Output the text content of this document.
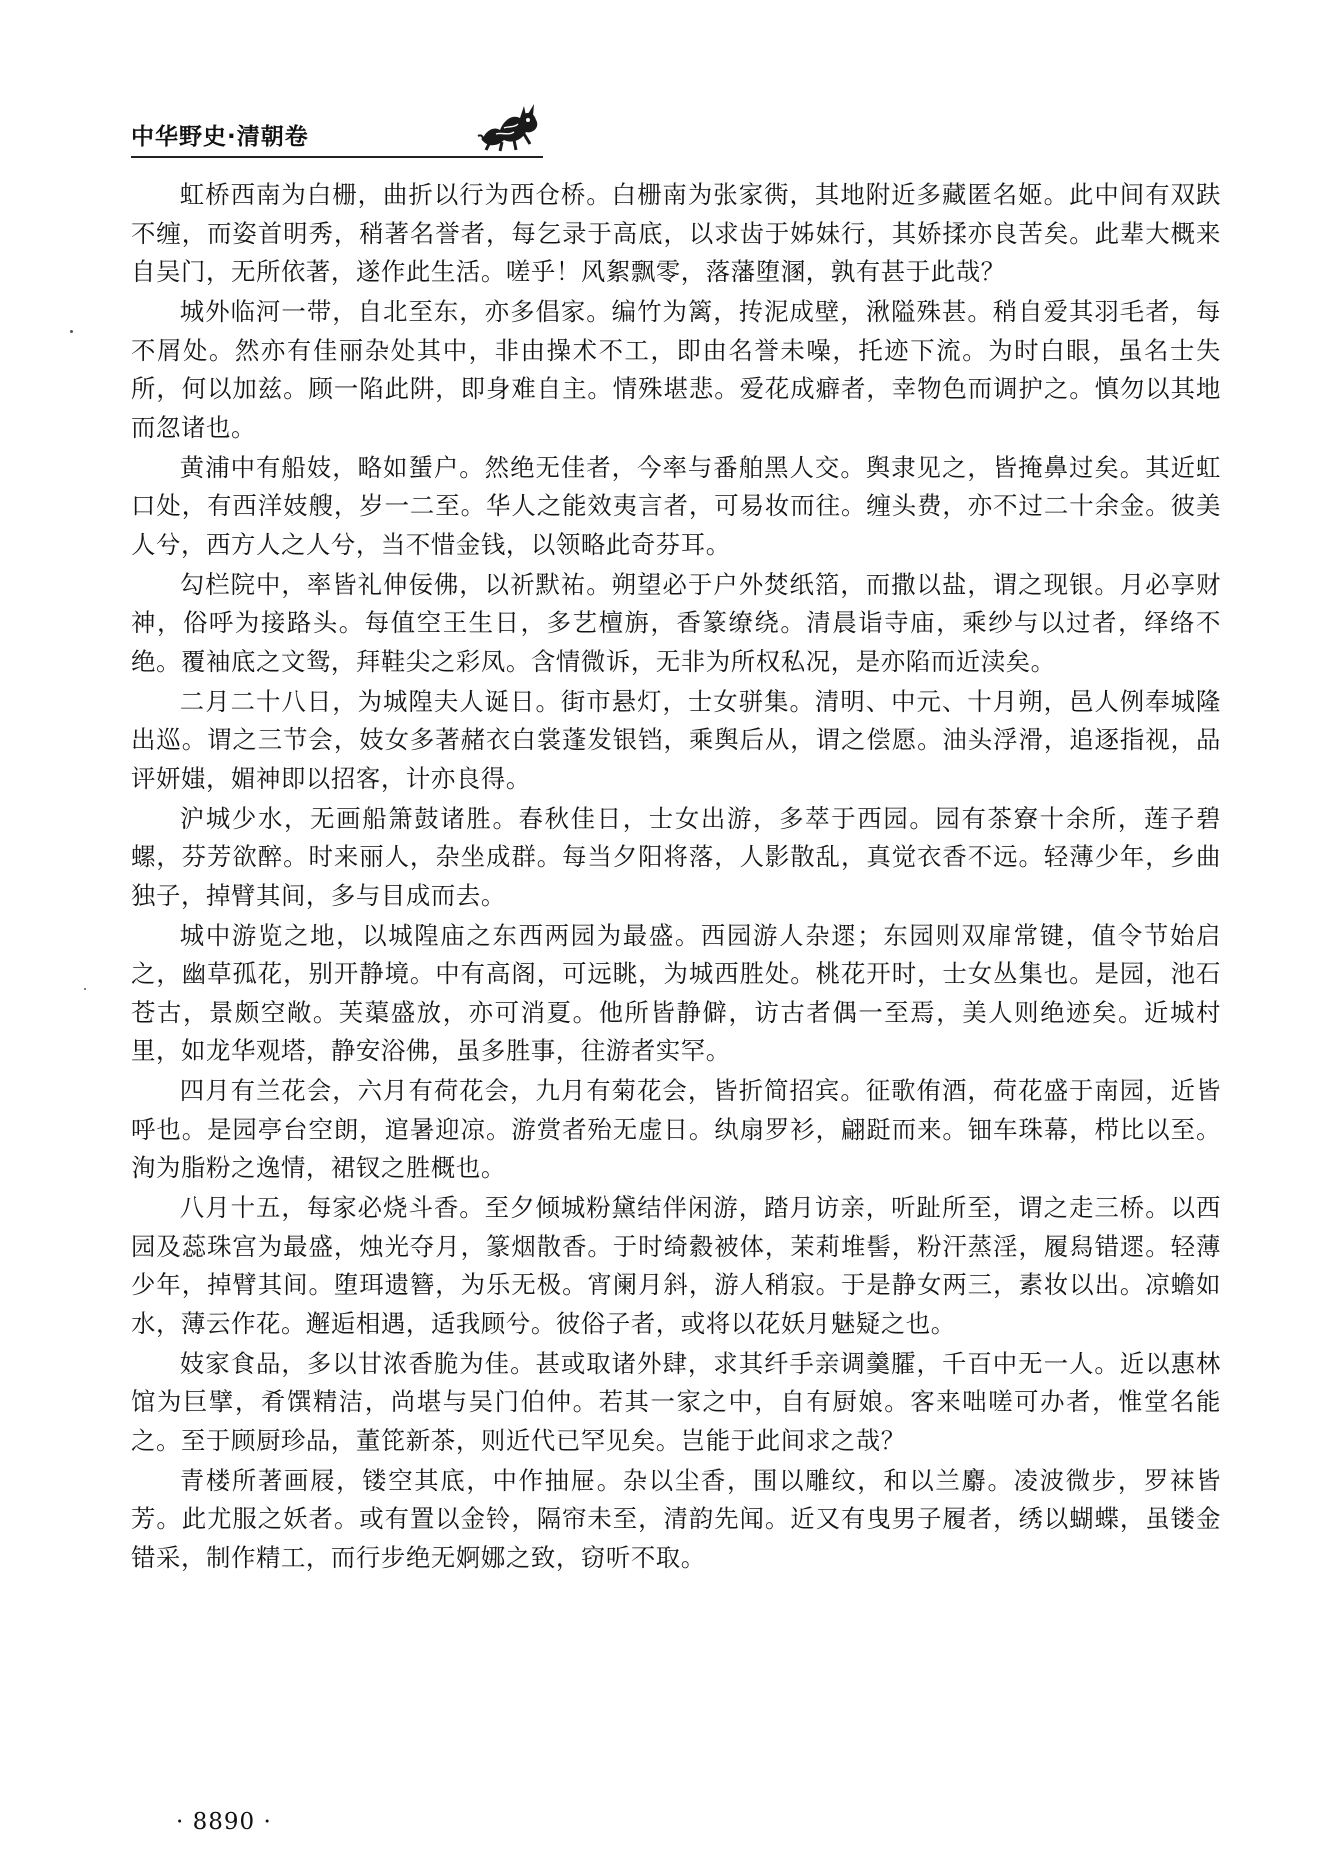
中华野史·清朝卷

虹桥西南为白栅，曲折以行为西仓桥。白栅南为张家衖，其地附近多藏匿名姬。此中间有双趺不缠，而姿首明秀，稍著名誉者，每乞录于高底，以求齿于姊妹行，其娇揉亦良苦矣。此辈大概来自吴门，无所依著，遂作此生活。嗟乎！风絮飘零，落藩堕溷，孰有甚于此哉？

城外临河一带，自北至东，亦多倡家。编竹为篱，抟泥成壁，湫隘殊甚。稍自爱其羽毛者，每不屑处。然亦有佳丽杂处其中，非由操术不工，即由名誉未噪，托迹下流。为时白眼，虽名士失所，何以加兹。顾一陷此阱，即身难自主。情殊堪悲。爱花成癖者，幸物色而调护之。慎勿以其地而忽诸也。

黄浦中有船妓，略如蜑户。然绝无佳者，今率与番舶黑人交。舆隶见之，皆掩鼻过矣。其近虹口处，有西洋妓艘，岁一二至。华人之能效夷言者，可易妆而往。缠头费，亦不过二十余金。彼美人兮，西方人之人兮，当不惜金钱，以领略此奇芬耳。

勾栏院中，率皆礼伸佞佛，以祈默祐。朔望必于户外焚纸箔，而撒以盐，谓之现银。月必享财神，俗呼为接路头。每值空王生日，多艺檀旃，香篆缭绕。清晨诣寺庙，乘纱与以过者，绎络不绝。覆袖底之文鸳，拜鞋尖之彩凤。含情微诉，无非为所权私况，是亦陷而近渎矣。

二月二十八日，为城隍夫人诞日。街市悬灯，士女骈集。清明、中元、十月朔，邑人例奉城隆出巡。谓之三节会，妓女多著赭衣白裳蓬发银铛，乘舆后从，谓之偿愿。油头浮滑，追逐指视，品评妍媸，媚神即以招客，计亦良得。

沪城少水，无画船箫鼓诸胜。春秋佳日，士女出游，多萃于西园。园有茶寮十余所，莲子碧螺，芬芳欲醉。时来丽人，杂坐成群。每当夕阳将落，人影散乱，真觉衣香不远。轻薄少年，乡曲独子，掉臂其间，多与目成而去。

城中游览之地，以城隍庙之东西两园为最盛。西园游人杂遝；东园则双扉常键，值令节始启之，幽草孤花，别开静境。中有高阁，可远眺，为城西胜处。桃花开时，士女丛集也。是园，池石苍古，景颇空敞。芙蕖盛放，亦可消夏。他所皆静僻，访古者偶一至焉，美人则绝迹矣。近城村里，如龙华观塔，静安浴佛，虽多胜事，往游者实罕。

四月有兰花会，六月有荷花会，九月有菊花会，皆折简招宾。征歌侑酒，荷花盛于南园，近皆呼也。是园亭台空朗，逭暑迎凉。游赏者殆无虚日。纨扇罗衫，翩跹而来。钿车珠幕，栉比以至。洵为脂粉之逸情，裙钗之胜概也。

八月十五，每家必烧斗香。至夕倾城粉黛结伴闲游，踏月访亲，听趾所至，谓之走三桥。以西园及蕊珠宫为最盛，烛光夺月，篆烟散香。于时绮縠被体，茉莉堆髻，粉汗蒸淫，履舄错遝。轻薄少年，掉臂其间。堕珥遗簪，为乐无极。宵阑月斜，游人稍寂。于是静女两三，素妆以出。凉蟾如水，薄云作花。邂逅相遇，适我顾兮。彼俗子者，或将以花妖月魅疑之也。

妓家食品，多以甘浓香脆为佳。甚或取诸外肆，求其纤手亲调羹臛，千百中无一人。近以惠林馆为巨擘，肴馔精洁，尚堪与吴门伯仲。若其一家之中，自有厨娘。客来咄嗟可办者，惟堂名能之。至于顾厨珍品，董笓新茶，则近代已罕见矣。岂能于此间求之哉？

青楼所著画屐，镂空其底，中作抽屉。杂以尘香，围以雕纹，和以兰麝。凌波微步，罗袜皆芳。此尤服之妖者。或有置以金铃，隔帘未至，清韵先闻。近又有曳男子履者，绣以蝴蝶，虽镂金错采，制作精工，而行步绝无婀娜之致，窃听不取。

· 8890 ·
